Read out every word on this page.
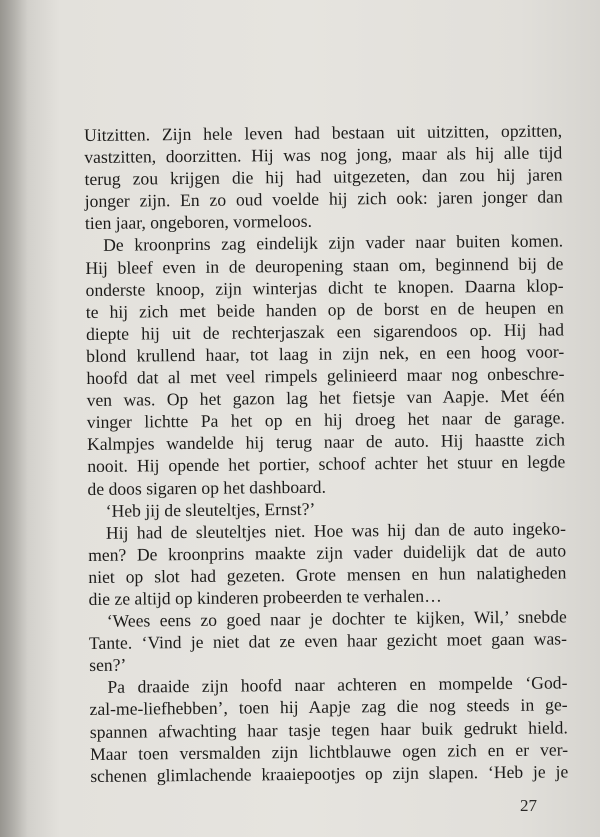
Uitzitten. Zijn hele leven had bestaan uit uitzitten, opzitten,
vastzitten, doorzitten. Hij was nog jong, maar als hij alle tijd
terug zou krijgen die hij had uitgezeten, dan zou hij jaren
jonger zijn. En zo oud voelde hij zich ook: jaren jonger dan
tien jaar, ongeboren, vormeloos.
De kroonprins zag eindelijk zijn vader naar buiten komen.
Hij bleef even in de deuropening staan om, beginnend bij de
onderste knoop, zijn winterjas dicht te knopen. Daarna klop-
te hij zich met beide handen op de borst en de heupen en
diepte hij uit de rechterjaszak een sigarendoos op. Hij had
blond krullend haar, tot laag in zijn nek, en een hoog voor-
hoofd dat al met veel rimpels gelinieerd maar nog onbeschre-
ven was. Op het gazon lag het fietsje van Aapje. Met één
vinger lichtte Pa het op en hij droeg het naar de garage.
Kalmpjes wandelde hij terug naar de auto. Hij haastte zich
nooit. Hij opende het portier, schoof achter het stuur en legde
de doos sigaren op het dashboard.
‘Heb jij de sleuteltjes, Ernst?’
Hij had de sleuteltjes niet. Hoe was hij dan de auto ingeko-
men? De kroonprins maakte zijn vader duidelijk dat de auto
niet op slot had gezeten. Grote mensen en hun nalatigheden
die ze altijd op kinderen probeerden te verhalen…
‘Wees eens zo goed naar je dochter te kijken, Wil,’ snebde
Tante. ‘Vind je niet dat ze even haar gezicht moet gaan was-
sen?’
Pa draaide zijn hoofd naar achteren en mompelde ‘God-
zal-me-liefhebben’, toen hij Aapje zag die nog steeds in ge-
spannen afwachting haar tasje tegen haar buik gedrukt hield.
Maar toen versmalden zijn lichtblauwe ogen zich en er ver-
schenen glimlachende kraaiepootjes op zijn slapen. ‘Heb je je
27
